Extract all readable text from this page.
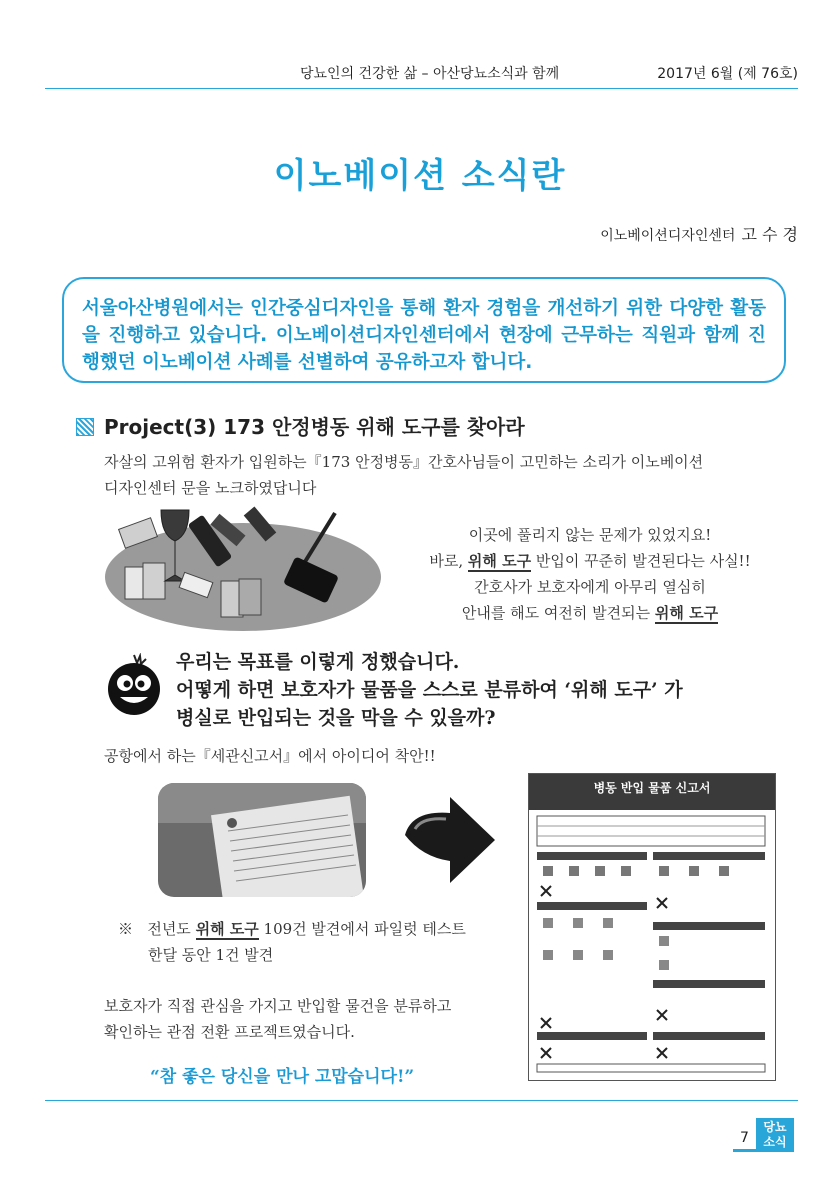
당뇨인의 건강한 삶 – 아산당뇨소식과 함께	2017년 6월 (제 76호)
이노베이션 소식란
이노베이션디자인센터 고 수 경
서울아산병원에서는 인간중심디자인을 통해 환자 경험을 개선하기 위한 다양한 활동을 진행하고 있습니다. 이노베이션디자인센터에서 현장에 근무하는 직원과 함께 진행했던 이노베이션 사례를 선별하여 공유하고자 합니다.
Project(3) 173 안정병동 위해 도구를 찾아라
자살의 고위험 환자가 입원하는『173 안정병동』간호사님들이 고민하는 소리가 이노베이션
디자인센터 문을 노크하였답니다
이곳에 풀리지 않는 문제가 있었지요!
바로, 위해 도구 반입이 꾸준히 발견된다는 사실!!
간호사가 보호자에게 아무리 열심히
안내를 해도 여전히 발견되는 위해 도구
우리는 목표를 이렇게 정했습니다.
어떻게 하면 보호자가 물품을 스스로 분류하여 ‘위해 도구’ 가
병실로 반입되는 것을 막을 수 있을까?
공항에서 하는『세관신고서』에서 아이디어 착안!!
병동 반입 물품 신고서
※ 전년도 위해 도구 109건 발견에서 파일럿 테스트
한달 동안 1건 발견
보호자가 직접 관심을 가지고 반입할 물건을 분류하고
확인하는 관점 전환 프로젝트였습니다.
“참 좋은 당신을 만나 고맙습니다!”
7
당뇨
소식
